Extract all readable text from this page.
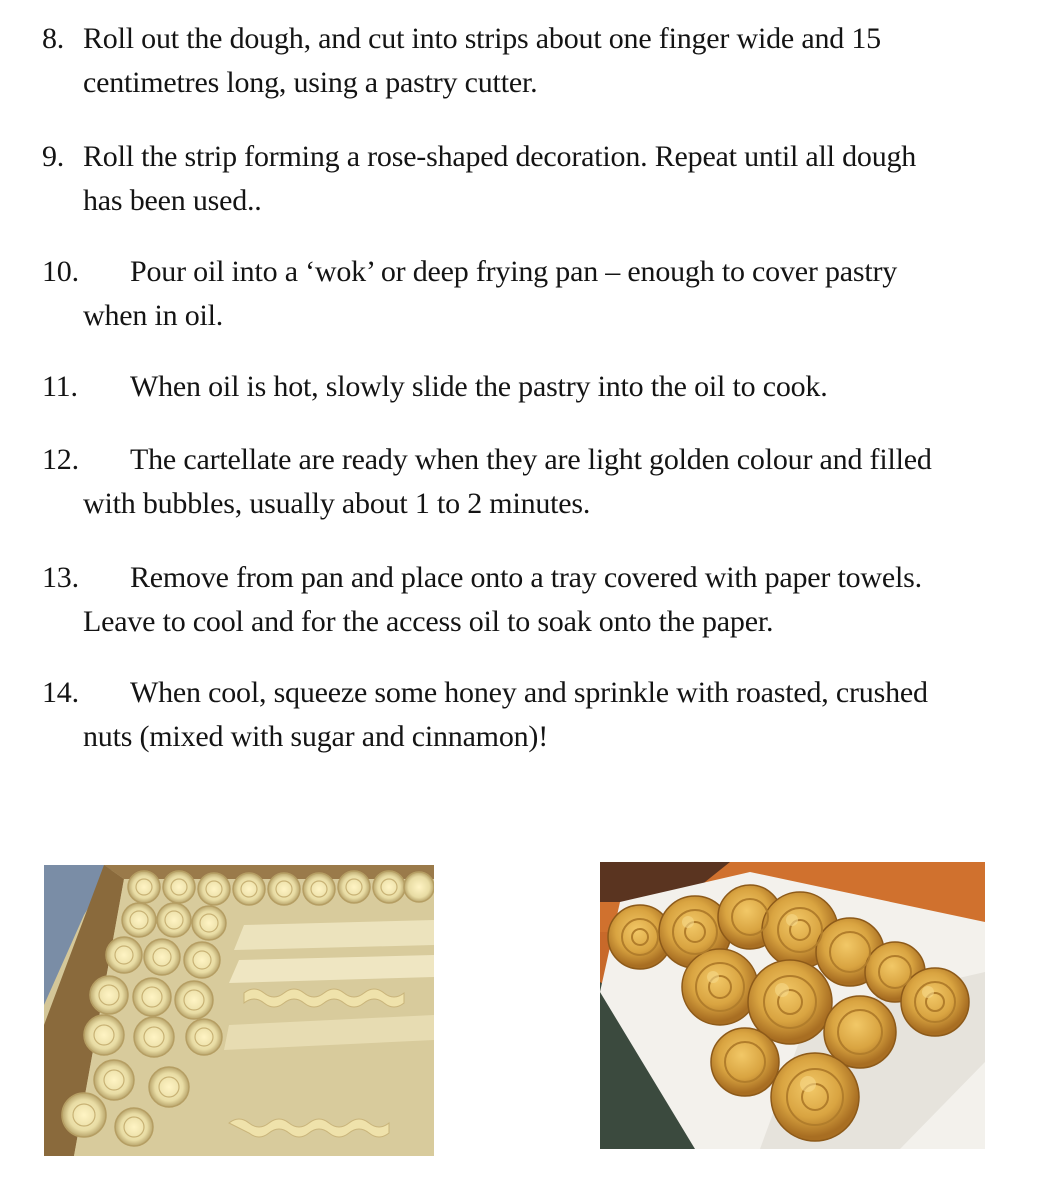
8. Roll out the dough, and cut into strips about one finger wide and 15
centimetres long, using a pastry cutter.
9. Roll the strip forming a rose-shaped decoration. Repeat until all dough
has been used..
10. Pour oil into a ‘wok’ or deep frying pan – enough to cover pastry
when in oil.
11. When oil is hot, slowly slide the pastry into the oil to cook.
12. The cartellate are ready when they are light golden colour and filled
with bubbles, usually about 1 to 2 minutes.
13. Remove from pan and place onto a tray covered with paper towels.
Leave to cool and for the access oil to soak onto the paper.
14. When cool, squeeze some honey and sprinkle with roasted, crushed
nuts (mixed with sugar and cinnamon)!
